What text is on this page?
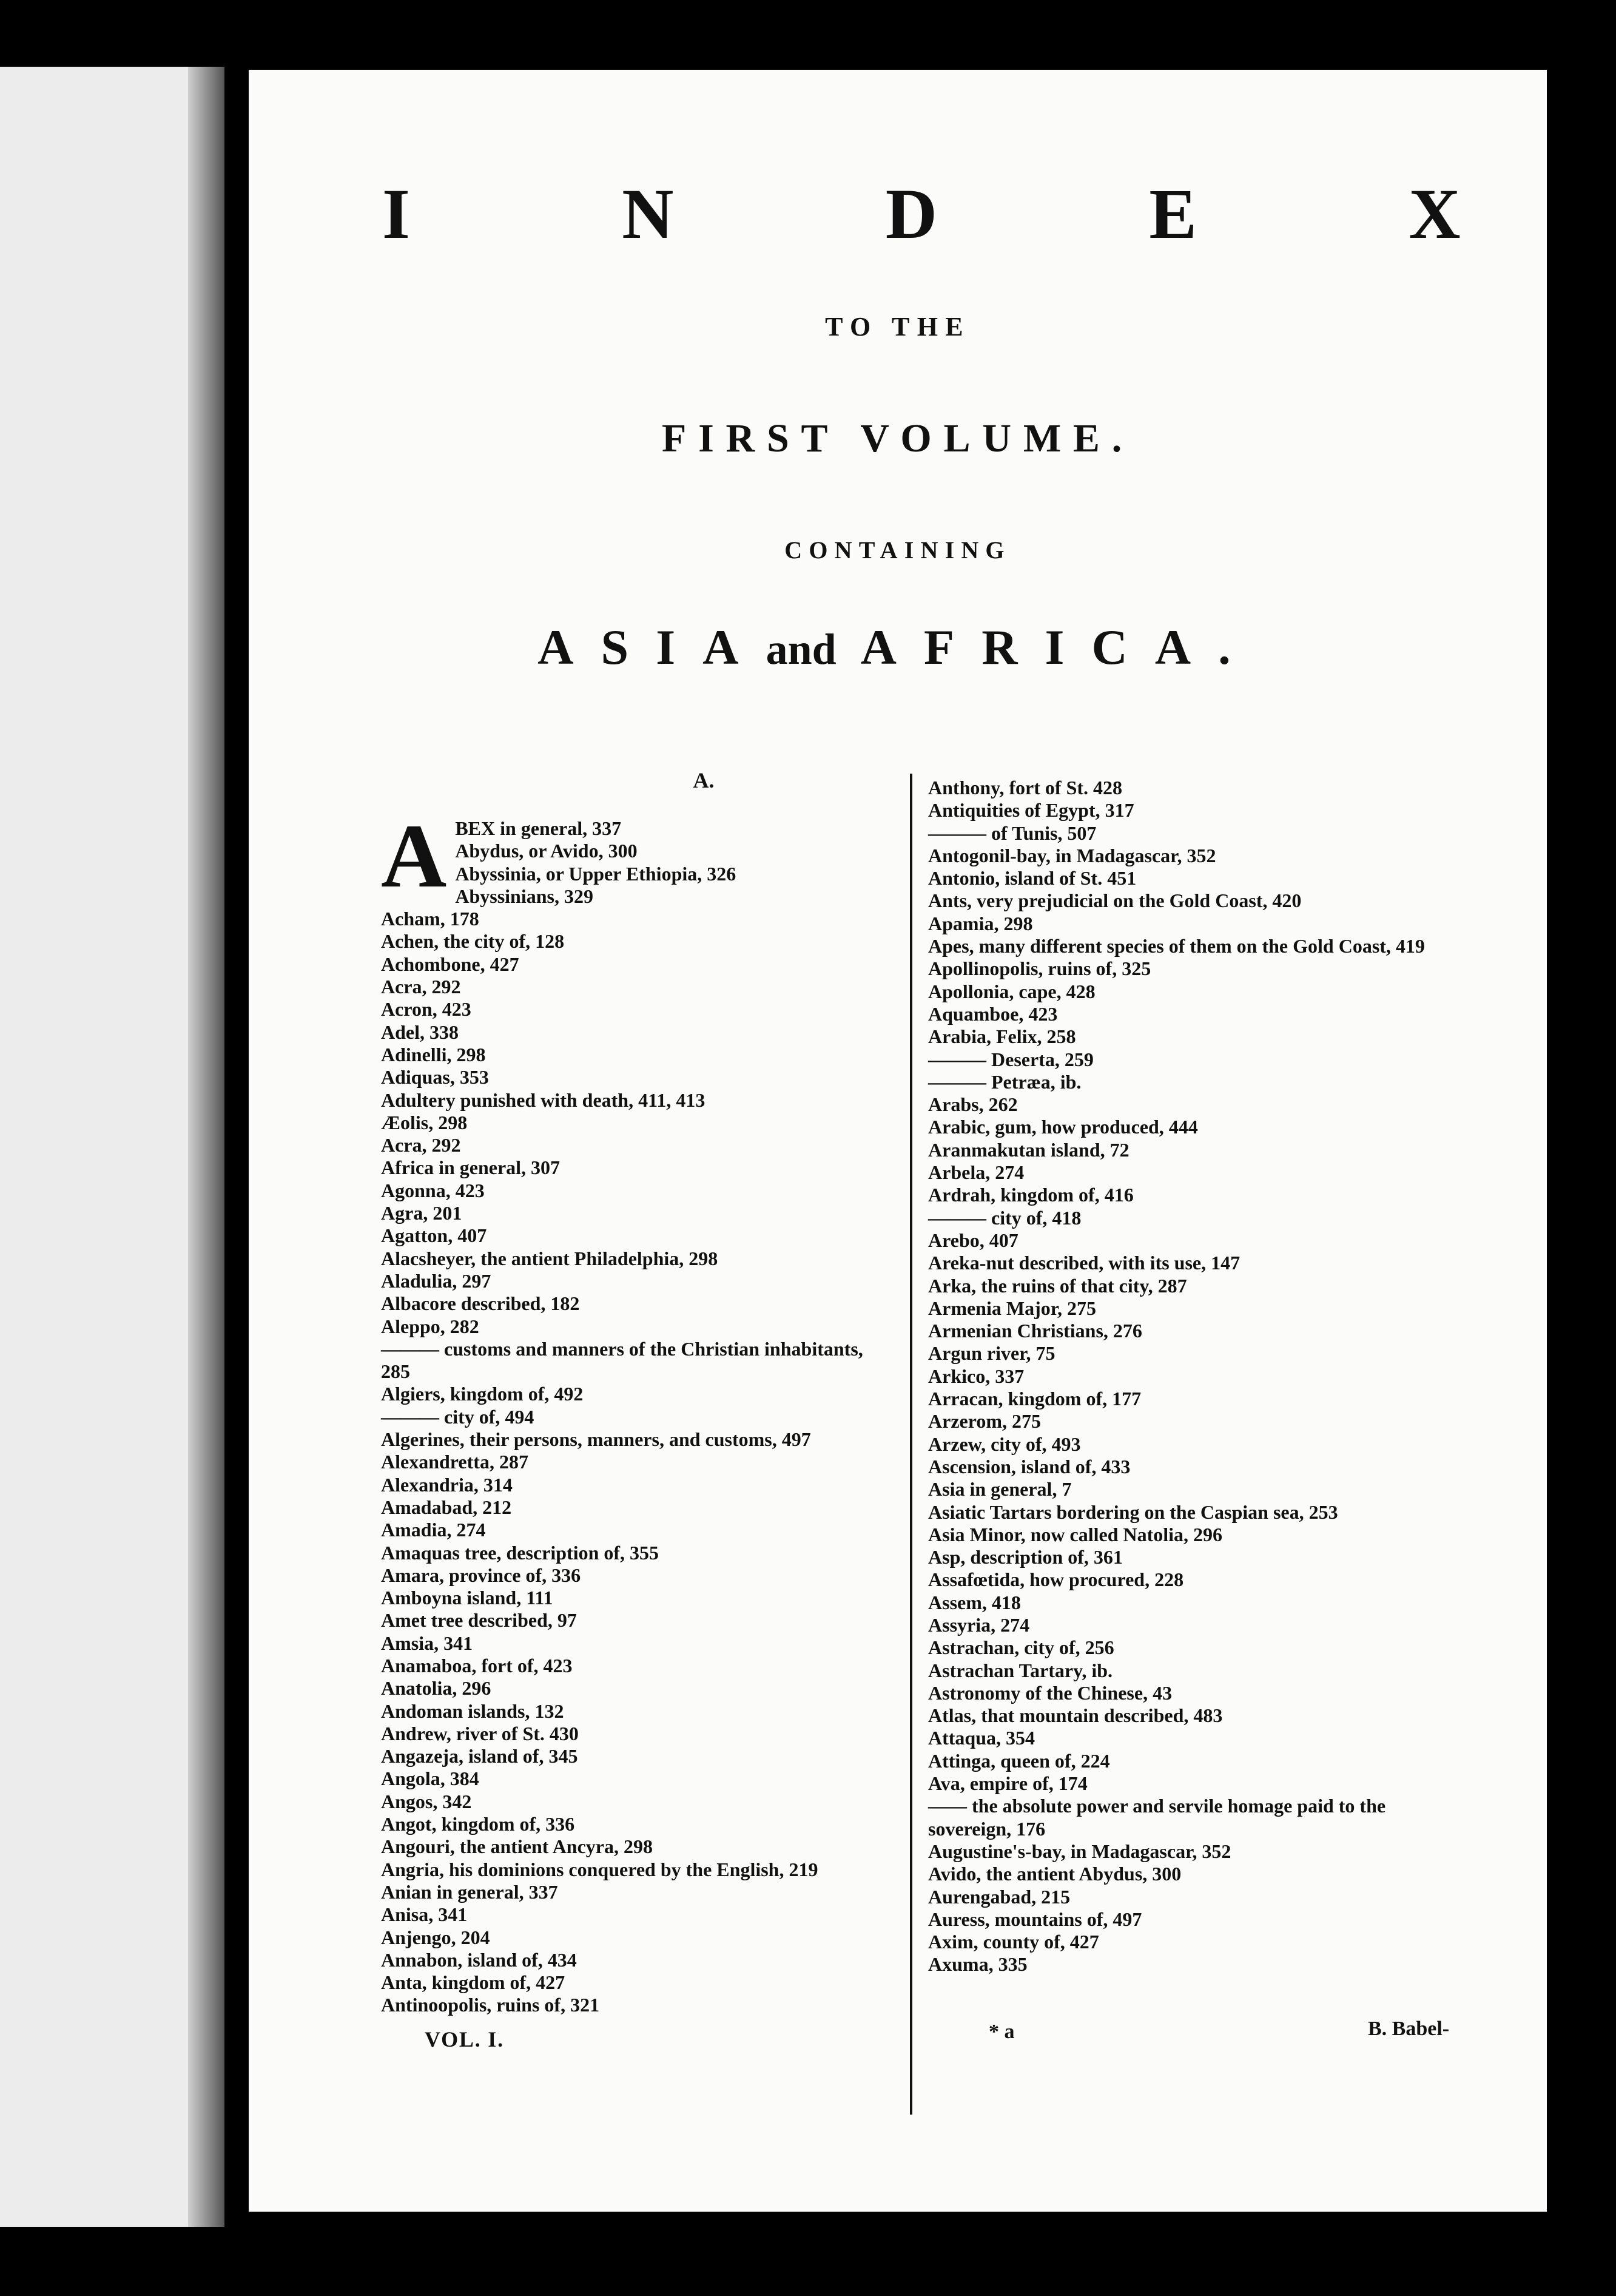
I	N	D	E	X

TO THE

FIRST VOLUME.

CONTAINING

ASIAand AFRICA.

A.
A BEX in general, 337

Abydus, or Avido, 300

Abyssinia, or Upper Ethiopia, 326

Abyssinians, 329

Acham, 178

Achen, the city of, 128

Achombone, 427

Acra, 292

Acron, 423

Adel, 338

Adinelli, 298

Adiquas, 353

Adultery punished with death, 411, 413

Æolis, 298

Acra, 292

Africa in general, 307

Agonna, 423

Agra, 201

Agatton, 407

Alacsheyer, the antient Philadelphia, 298

Aladulia, 297

Albacore described, 182

Aleppo, 282

——— customs and manners of the Christian inhabitants,

285

Algiers, kingdom of, 492

——— city of, 494

Algerines, their persons, manners, and customs, 497

Alexandretta, 287

Alexandria, 314

Amadabad, 212

Amadia, 274

Amaquas tree, description of, 355

Amara, province of, 336

Amboyna island, 111

Amet tree described, 97

Amsia, 341

Anamaboa, fort of, 423

Anatolia, 296

Andoman islands, 132

Andrew, river of St. 430

Angazeja, island of, 345

Angola, 384

Angos, 342

Angot, kingdom of, 336

Angouri, the antient Ancyra, 298

Angria, his dominions conquered by the English, 219

Anian in general, 337

Anisa, 341

Anjengo, 204

Annabon, island of, 434

Anta, kingdom of, 427

Antinoopolis, ruins of, 321

Anthony, fort of St. 428

Antiquities of Egypt, 317

——— of Tunis, 507

Antogonil-bay, in Madagascar, 352

Antonio, island of St. 451

Ants, very prejudicial on the Gold Coast, 420

Apamia, 298

Apes, many different species of them on the Gold Coast, 419

Apollinopolis, ruins of, 325

Apollonia, cape, 428

Aquamboe, 423

Arabia, Felix, 258

——— Deserta, 259

——— Petræa, ib.

Arabs, 262

Arabic, gum, how produced, 444

Aranmakutan island, 72

Arbela, 274

Ardrah, kingdom of, 416

——— city of, 418

Arebo, 407

Areka-nut described, with its use, 147

Arka, the ruins of that city, 287

Armenia Major, 275

Armenian Christians, 276

Argun river, 75

Arkico, 337

Arracan, kingdom of, 177

Arzerom, 275

Arzew, city of, 493

Ascension, island of, 433

Asia in general, 7

Asiatic Tartars bordering on the Caspian sea, 253

Asia Minor, now called Natolia, 296

Asp, description of, 361

Assafœtida, how procured, 228

Assem, 418

Assyria, 274

Astrachan, city of, 256

Astrachan Tartary, ib.

Astronomy of the Chinese, 43

Atlas, that mountain described, 483

Attaqua, 354

Attinga, queen of, 224

Ava, empire of, 174

—— the absolute power and servile homage paid to the

sovereign, 176

Augustine's-bay, in Madagascar, 352

Avido, the antient Abydus, 300

Aurengabad, 215

Auress, mountains of, 497

Axim, county of, 427

Axuma, 335

VOL. I.	* a	B. Babel-
